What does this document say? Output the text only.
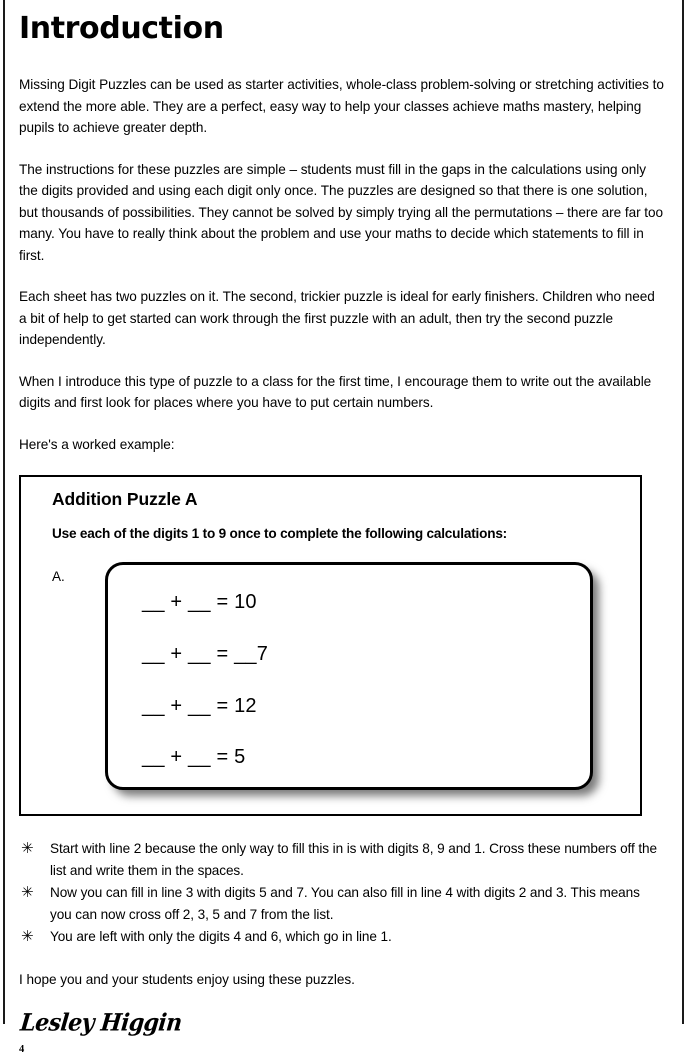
Introduction

Missing Digit Puzzles can be used as starter activities, whole-class problem-solving or stretching activities to extend the more able. They are a perfect, easy way to help your classes achieve maths mastery, helping pupils to achieve greater depth.

The instructions for these puzzles are simple – students must fill in the gaps in the calculations using only the digits provided and using each digit only once. The puzzles are designed so that there is one solution, but thousands of possibilities. They cannot be solved by simply trying all the permutations – there are far too many. You have to really think about the problem and use your maths to decide which statements to fill in first.

Each sheet has two puzzles on it. The second, trickier puzzle is ideal for early finishers. Children who need a bit of help to get started can work through the first puzzle with an adult, then try the second puzzle independently.

When I introduce this type of puzzle to a class for the first time, I encourage them to write out the available digits and first look for places where you have to put certain numbers.

Here's a worked example:

Addition Puzzle A
Use each of the digits 1 to 9 once to complete the following calculations:
A.
__ + __ = 10
__ + __ = __7
__ + __ = 12
__ + __ = 5
✳ Start with line 2 because the only way to fill this in is with digits 8, 9 and 1. Cross these numbers off the list and write them in the spaces.
✳ Now you can fill in line 3 with digits 5 and 7. You can also fill in line 4 with digits 2 and 3. This means you can now cross off 2, 3, 5 and 7 from the list.
✳ You are left with only the digits 4 and 6, which go in line 1.

I hope you and your students enjoy using these puzzles.

Lesley Higgin
4
